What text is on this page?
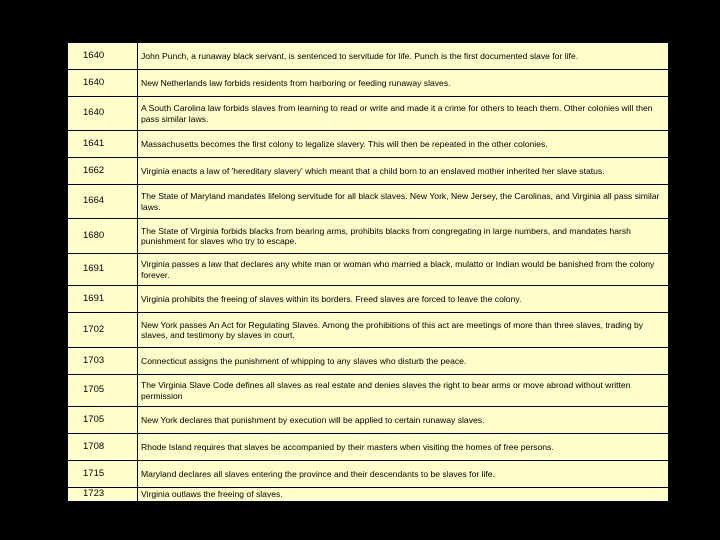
1640	John Punch, a runaway black servant, is sentenced to servitude for life. Punch is the first documented slave for life.
1640	New Netherlands law forbids residents from harboring or feeding runaway slaves.
1640	A South Carolina law forbids slaves from learning to read or write and made it a crime for others to teach them. Other colonies will then pass similar laws.
1641	Massachusetts becomes the first colony to legalize slavery. This will then be repeated in the other colonies.
1662	Virginia enacts a law of 'hereditary slavery' which meant that a child born to an enslaved mother inherited her slave status.
1664	The State of Maryland mandates lifelong servitude for all black slaves. New York, New Jersey, the Carolinas, and Virginia all pass similar laws.
1680	The State of Virginia forbids blacks from bearing arms, prohibits blacks from congregating in large numbers, and mandates harsh punishment for slaves who try to escape.
1691	Virginia passes a law that declares any white man or woman who married a black, mulatto or Indian would be banished from the colony forever.
1691	Virginia prohibits the freeing of slaves within its borders. Freed slaves are forced to leave the colony.
1702	New York passes An Act for Regulating Slaves. Among the prohibitions of this act are meetings of more than three slaves, trading by slaves, and testimony by slaves in court.
1703	Connecticut assigns the punishment of whipping to any slaves who disturb the peace.
1705	The Virginia Slave Code defines all slaves as real estate and denies slaves the right to bear arms or move abroad without written permission
1705	New York declares that punishment by execution will be applied to certain runaway slaves.
1708	Rhode Island requires that slaves be accompanied by their masters when visiting the homes of free persons.
1715	Maryland declares all slaves entering the province and their descendants to be slaves for life.
1723	Virginia outlaws the freeing of slaves.
